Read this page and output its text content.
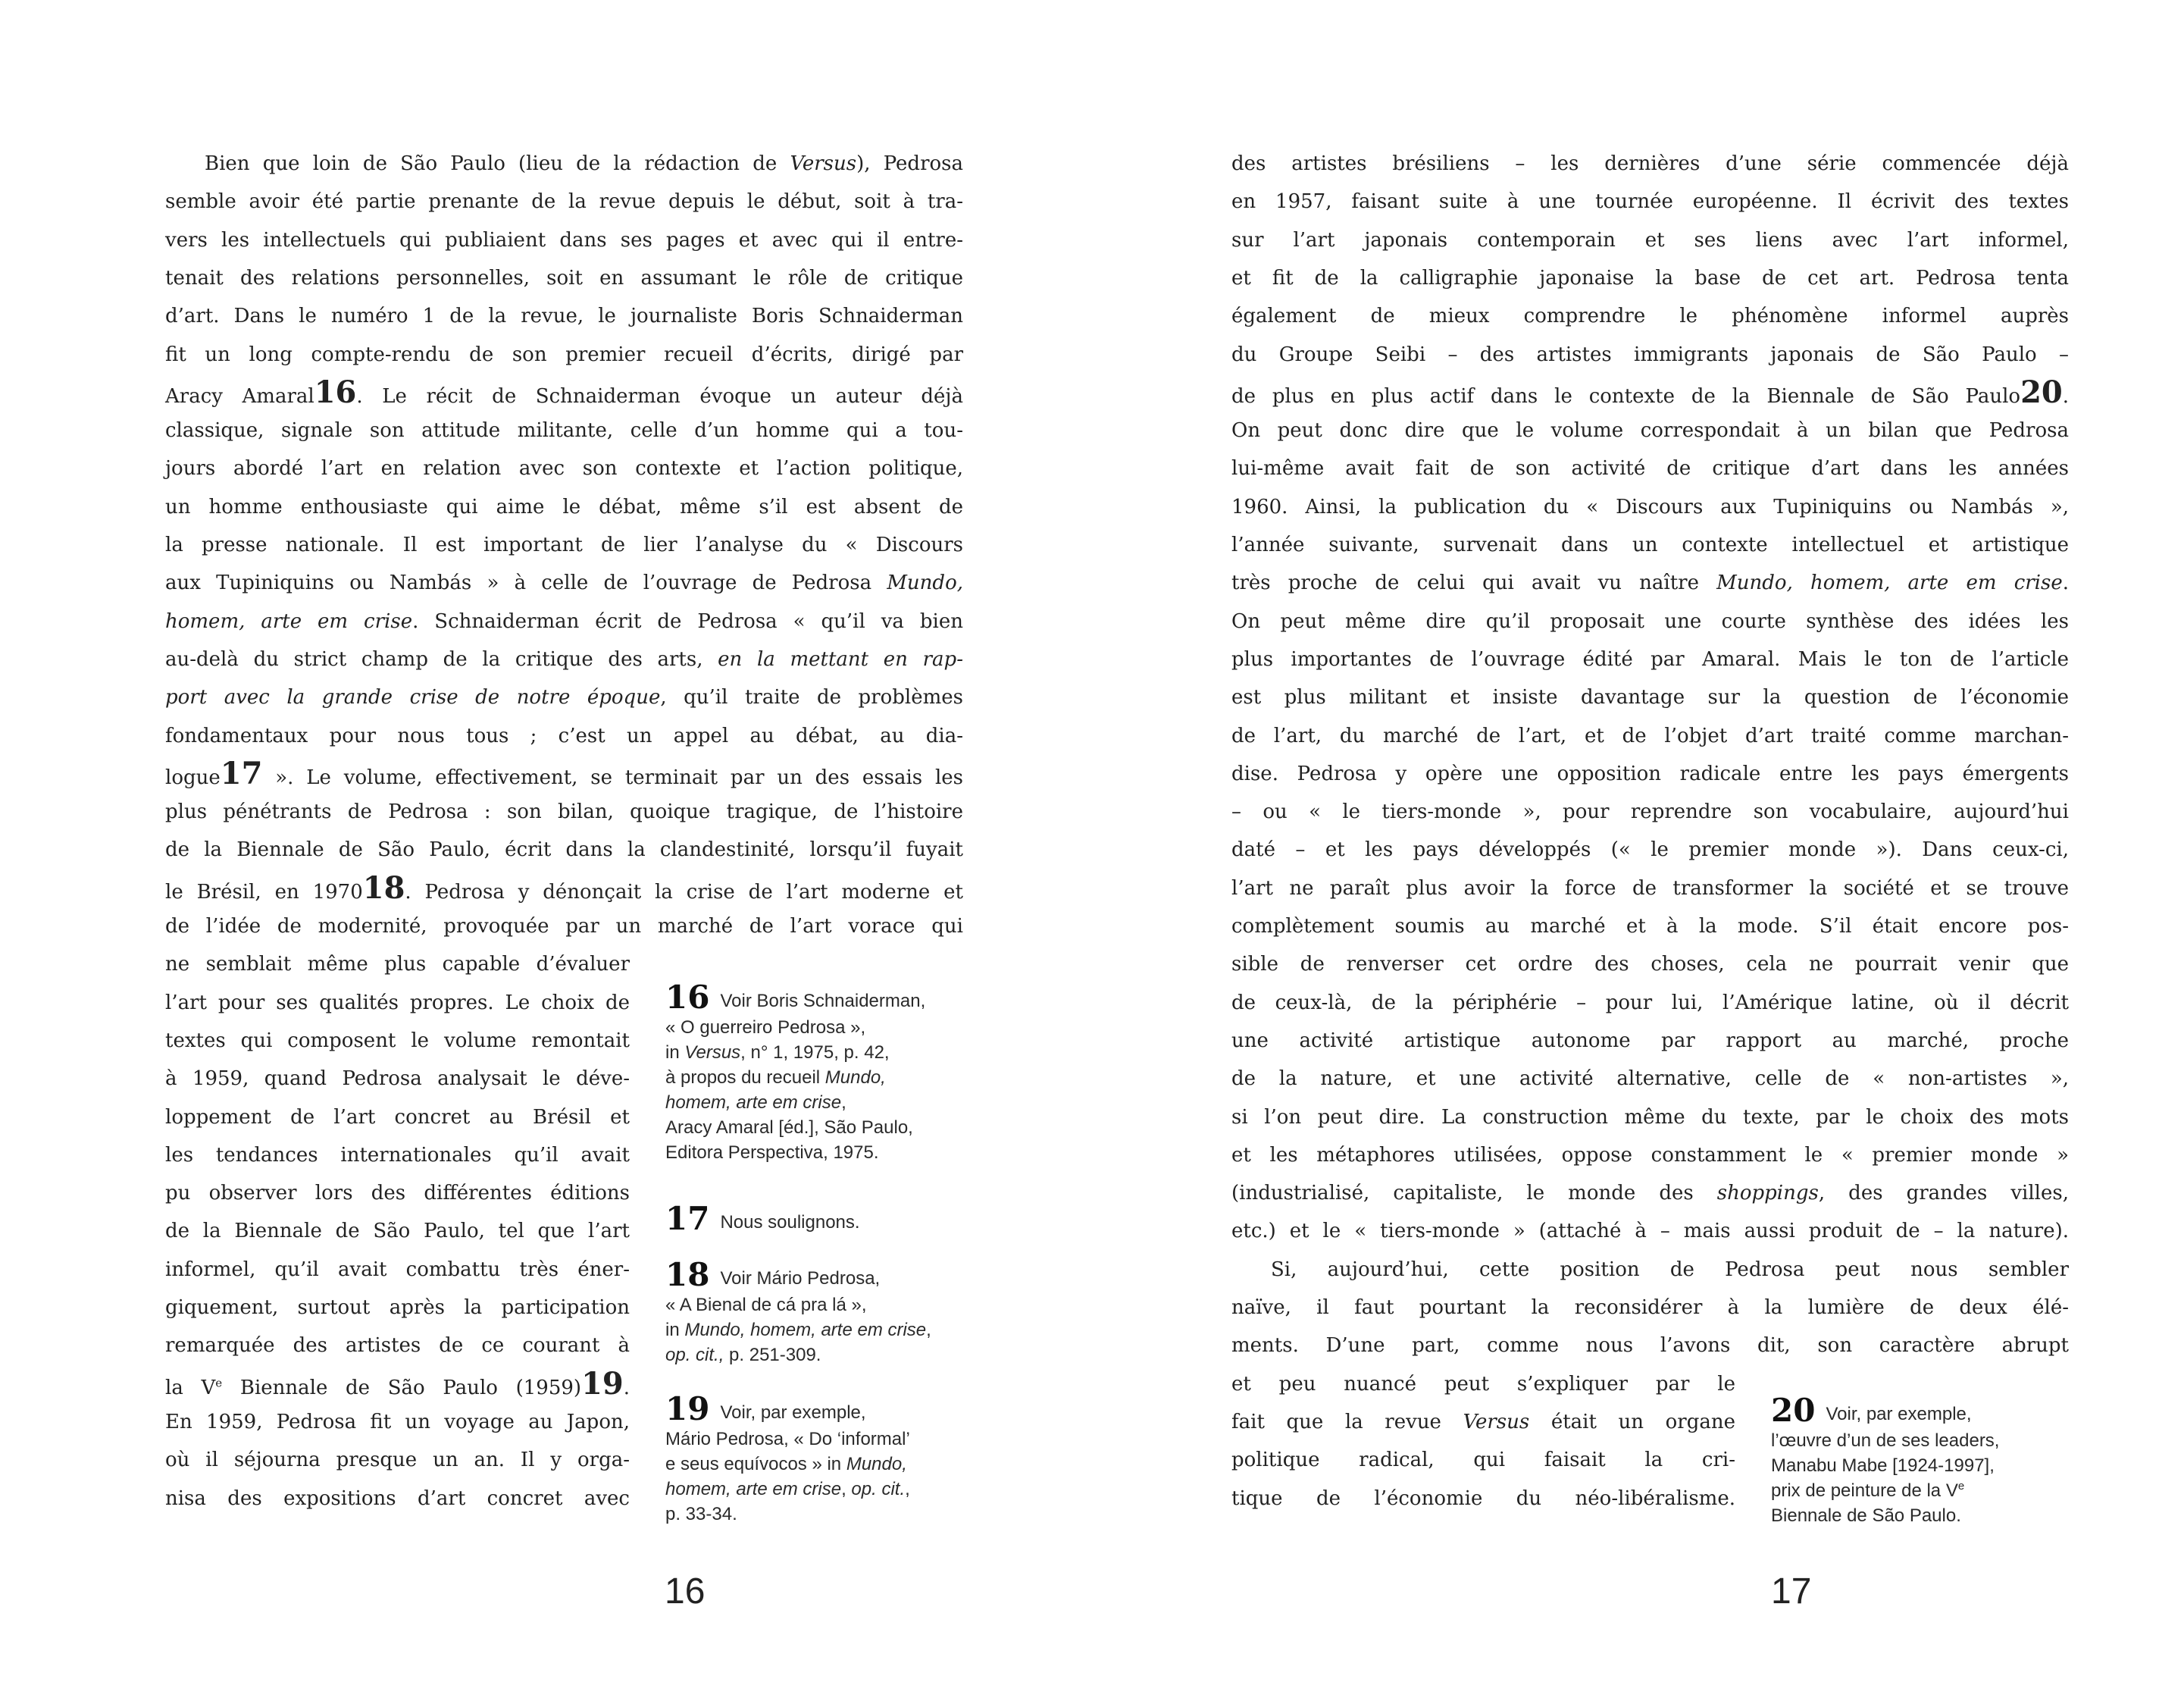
Bien que loin de São Paulo (lieu de la rédaction de Versus), Pedrosa
semble avoir été partie prenante de la revue depuis le début, soit à tra-
vers les intellectuels qui publiaient dans ses pages et avec qui il entre-
tenait des relations personnelles, soit en assumant le rôle de critique
d’art. Dans le numéro 1 de la revue, le journaliste Boris Schnaiderman
fit un long compte-rendu de son premier recueil d’écrits, dirigé par
Aracy Amaral16. Le récit de Schnaiderman évoque un auteur déjà
classique, signale son attitude militante, celle d’un homme qui a tou-
jours abordé l’art en relation avec son contexte et l’action politique,
un homme enthousiaste qui aime le débat, même s’il est absent de
la presse nationale. Il est important de lier l’analyse du « Discours
aux Tupiniquins ou Nambás » à celle de l’ouvrage de Pedrosa Mundo,
homem, arte em crise. Schnaiderman écrit de Pedrosa « qu’il va bien
au-delà du strict champ de la critique des arts, en la mettant en rap-
port avec la grande crise de notre époque, qu’il traite de problèmes
fondamentaux pour nous tous ; c’est un appel au débat, au dia-
logue17 ». Le volume, effectivement, se terminait par un des essais les
plus pénétrants de Pedrosa : son bilan, quoique tragique, de l’histoire
de la Biennale de São Paulo, écrit dans la clandestinité, lorsqu’il fuyait
le Brésil, en 197018. Pedrosa y dénonçait la crise de l’art moderne et
de l’idée de modernité, provoquée par un marché de l’art vorace qui
ne semblait même plus capable d’évaluer
l’art pour ses qualités propres. Le choix de
textes qui composent le volume remontait
à 1959, quand Pedrosa analysait le déve-
loppement de l’art concret au Brésil et
les tendances internationales qu’il avait
pu observer lors des différentes éditions
de la Biennale de São Paulo, tel que l’art
informel, qu’il avait combattu très éner-
giquement, surtout après la participation
remarquée des artistes de ce courant à
la Ve Biennale de São Paulo (1959)19.
En 1959, Pedrosa fit un voyage au Japon,
où il séjourna presque un an. Il y orga-
nisa des expositions d’art concret avec
des artistes brésiliens – les dernières d’une série commencée déjà
en 1957, faisant suite à une tournée européenne. Il écrivit des textes
sur l’art japonais contemporain et ses liens avec l’art informel,
et fit de la calligraphie japonaise la base de cet art. Pedrosa tenta
également de mieux comprendre le phénomène informel auprès
du Groupe Seibi – des artistes immigrants japonais de São Paulo –
de plus en plus actif dans le contexte de la Biennale de São Paulo20.
On peut donc dire que le volume correspondait à un bilan que Pedrosa
lui-même avait fait de son activité de critique d’art dans les années
1960. Ainsi, la publication du « Discours aux Tupiniquins ou Nambás »,
l’année suivante, survenait dans un contexte intellectuel et artistique
très proche de celui qui avait vu naître Mundo, homem, arte em crise.
On peut même dire qu’il proposait une courte synthèse des idées les
plus importantes de l’ouvrage édité par Amaral. Mais le ton de l’article
est plus militant et insiste davantage sur la question de l’économie
de l’art, du marché de l’art, et de l’objet d’art traité comme marchan-
dise. Pedrosa y opère une opposition radicale entre les pays émergents
– ou « le tiers-monde », pour reprendre son vocabulaire, aujourd’hui
daté – et les pays développés (« le premier monde »). Dans ceux-ci,
l’art ne paraît plus avoir la force de transformer la société et se trouve
complètement soumis au marché et à la mode. S’il était encore pos-
sible de renverser cet ordre des choses, cela ne pourrait venir que
de ceux-là, de la périphérie – pour lui, l’Amérique latine, où il décrit
une activité artistique autonome par rapport au marché, proche
de la nature, et une activité alternative, celle de « non-artistes »,
si l’on peut dire. La construction même du texte, par le choix des mots
et les métaphores utilisées, oppose constamment le « premier monde »
(industrialisé, capitaliste, le monde des shoppings, des grandes villes,
etc.) et le « tiers-monde » (attaché à – mais aussi produit de – la nature).
Si, aujourd’hui, cette position de Pedrosa peut nous sembler
naïve, il faut pourtant la reconsidérer à la lumière de deux élé-
ments. D’une part, comme nous l’avons dit, son caractère abrupt
et peu nuancé peut s’expliquer par le
fait que la revue Versus était un organe
politique radical, qui faisait la cri-
tique de l’économie du néo-libéralisme.
16	17
16 Voir Boris Schnaiderman,
« O guerreiro Pedrosa »,
in Versus, n° 1, 1975, p. 42,
à propos du recueil Mundo,
homem, arte em crise,
Aracy Amaral [éd.], São Paulo,
Editora Perspectiva, 1975.
17 Nous soulignons.
18 Voir Mário Pedrosa,
« A Bienal de cá pra lá »,
in Mundo, homem, arte em crise,
op. cit., p. 251-309.
19 Voir, par exemple,
Mário Pedrosa, « Do ‘informal’
e seus equívocos » in Mundo,
homem, arte em crise, op. cit.,
p. 33-34.
20 Voir, par exemple,
l’œuvre d’un de ses leaders,
Manabu Mabe [1924-1997],
prix de peinture de la Ve
Biennale de São Paulo.
